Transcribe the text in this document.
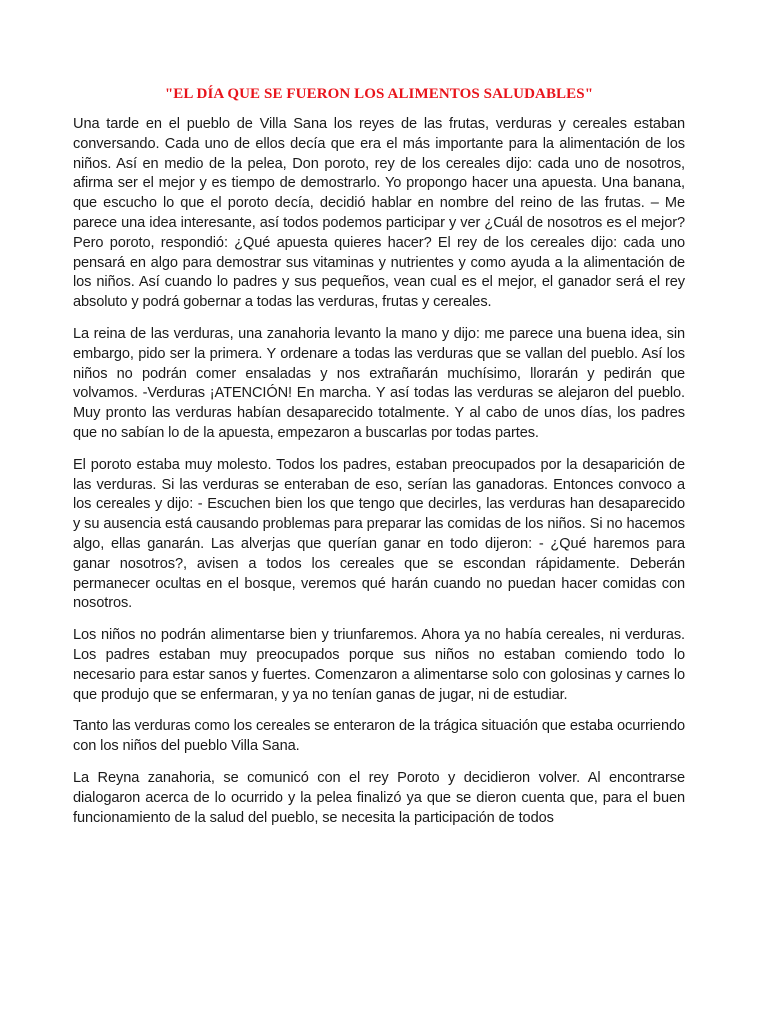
"EL DÍA QUE SE FUERON LOS ALIMENTOS SALUDABLES"

Una tarde en el pueblo de Villa Sana los reyes de las frutas, verduras y cereales estaban conversando. Cada uno de ellos decía que era el más importante para la alimentación de los niños. Así en medio de la pelea, Don poroto, rey de los cereales dijo: cada uno de nosotros, afirma ser el mejor y es tiempo de demostrarlo. Yo propongo hacer una apuesta. Una banana, que escucho lo que el poroto decía, decidió hablar en nombre del reino de las frutas. – Me parece una idea interesante, así todos podemos participar y ver ¿Cuál de nosotros es el mejor? Pero poroto, respondió: ¿Qué apuesta quieres hacer? El rey de los cereales dijo: cada uno pensará en algo para demostrar sus vitaminas y nutrientes y como ayuda a la alimentación de los niños. Así cuando lo padres y sus pequeños, vean cual es el mejor, el ganador será el rey absoluto y podrá gobernar a todas las verduras, frutas y cereales.

La reina de las verduras, una zanahoria levanto la mano y dijo: me parece una buena idea, sin embargo, pido ser la primera. Y ordenare a todas las verduras que se vallan del pueblo. Así los niños no podrán comer ensaladas y nos extrañarán muchísimo, llorarán y pedirán que volvamos. -Verduras ¡ATENCIÓN! En marcha. Y así todas las verduras se alejaron del pueblo. Muy pronto las verduras habían desaparecido totalmente. Y al cabo de unos días, los padres que no sabían lo de la apuesta, empezaron a buscarlas por todas partes.

El poroto estaba muy molesto. Todos los padres, estaban preocupados por la desaparición de las verduras. Si las verduras se enteraban de eso, serían las ganadoras. Entonces convoco a los cereales y dijo: - Escuchen bien los que tengo que decirles, las verduras han desaparecido y su ausencia está causando problemas para preparar las comidas de los niños. Si no hacemos algo, ellas ganarán. Las alverjas que querían ganar en todo dijeron: - ¿Qué haremos para ganar nosotros?, avisen a todos los cereales que se escondan rápidamente. Deberán permanecer ocultas en el bosque, veremos qué harán cuando no puedan hacer comidas con nosotros.

Los niños no podrán alimentarse bien y triunfaremos. Ahora ya no había cereales, ni verduras. Los padres estaban muy preocupados porque sus niños no estaban comiendo todo lo necesario para estar sanos y fuertes. Comenzaron a alimentarse solo con golosinas y carnes lo que produjo que se enfermaran, y ya no tenían ganas de jugar, ni de estudiar.

Tanto las verduras como los cereales se enteraron de la trágica situación que estaba ocurriendo con los niños del pueblo Villa Sana.

La Reyna zanahoria, se comunicó con el rey Poroto y decidieron volver. Al encontrarse dialogaron acerca de lo ocurrido y la pelea finalizó ya que se dieron cuenta que, para el buen funcionamiento de la salud del pueblo, se necesita la participación de todos
